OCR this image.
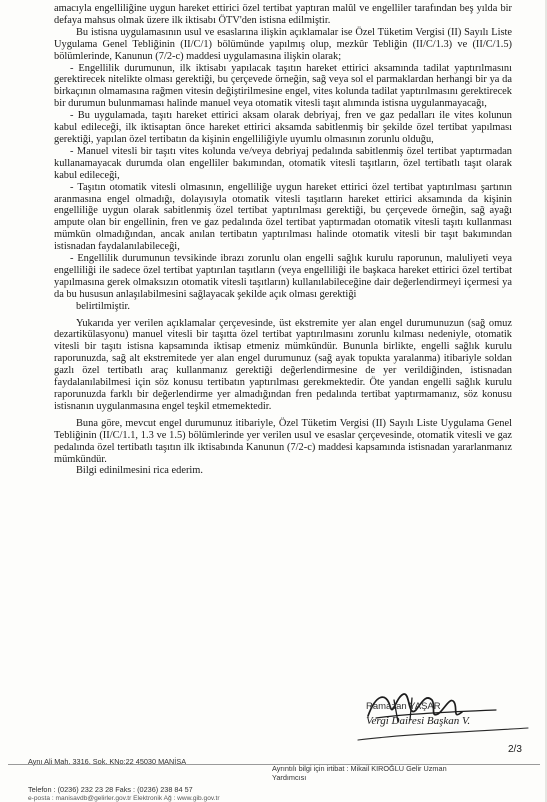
amacıyla engelliliğine uygun hareket ettirici özel tertibat yaptıran malûl ve engelliler tarafından beş yılda bir defaya mahsus olmak üzere ilk iktisabı ÖTV'den istisna edilmiştir.

Bu istisna uygulamasının usul ve esaslarına ilişkin açıklamalar ise Özel Tüketim Vergisi (II) Sayılı Liste Uygulama Genel Tebliğinin (II/C/1) bölümünde yapılmış olup, mezkûr Tebliğin (II/C/1.3) ve (II/C/1.5) bölümlerinde, Kanunun (7/2-c) maddesi uygulamasına ilişkin olarak;

- Engellilik durumunun, ilk iktisabı yapılacak taşıtın hareket ettirici aksamında tadilat yaptırılmasını gerektirecek nitelikte olması gerektiği, bu çerçevede örneğin, sağ veya sol el parmaklardan herhangi bir ya da birkaçının olmamasına rağmen vitesin değiştirilmesine engel, vites kolunda tadilat yaptırılmasını gerektirecek bir durumun bulunmaması halinde manuel veya otomatik vitesli taşıt alımında istisna uygulanmayacağı,

- Bu uygulamada, taşıtı hareket ettirici aksam olarak debriyaj, fren ve gaz pedalları ile vites kolunun kabul edileceği, ilk iktisaptan önce hareket ettirici aksamda sabitlenmiş bir şekilde özel tertibat yapılması gerektiği, yapılan özel tertibatın da kişinin engelliliğiyle uyumlu olmasının zorunlu olduğu,

- Manuel vitesli bir taşıtı vites kolunda ve/veya debriyaj pedalında sabitlenmiş özel tertibat yaptırmadan kullanamayacak durumda olan engelliler bakımından, otomatik vitesli taşıtların, özel tertibatlı taşıt olarak kabul edileceği,

- Taşıtın otomatik vitesli olmasının, engelliliğe uygun hareket ettirici özel tertibat yaptırılması şartının aranmasına engel olmadığı, dolayısıyla otomatik vitesli taşıtların hareket ettirici aksamında da kişinin engelliliğe uygun olarak sabitlenmiş özel tertibat yaptırılması gerektiği, bu çerçevede örneğin, sağ ayağı ampute olan bir engellinin, fren ve gaz pedalında özel tertibat yaptırmadan otomatik vitesli taşıtı kullanması mümkün olmadığından, ancak anılan tertibatın yaptırılması halinde otomatik vitesli bir taşıt bakımından istisnadan faydalanılabileceği,

- Engellilik durumunun tevsikinde ibrazı zorunlu olan engelli sağlık kurulu raporunun, maluliyeti veya engelliliği ile sadece özel tertibat yaptırılan taşıtların (veya engelliliği ile başkaca hareket ettirici özel tertibat yapılmasına gerek olmaksızın otomatik vitesli taşıtların) kullanılabileceğine dair değerlendirmeyi içermesi ya da bu hususun anlaşılabilmesini sağlayacak şekilde açık olması gerektiği

belirtilmiştir.

Yukarıda yer verilen açıklamalar çerçevesinde, üst ekstremite yer alan engel durumunuzun (sağ omuz dezartikülasyonu) manuel vitesli bir taşıtta özel tertibat yaptırılmasını zorunlu kılması nedeniyle, otomatik vitesli bir taşıtı istisna kapsamında iktisap etmeniz mümkündür. Bununla birlikte, engelli sağlık kurulu raporunuzda, sağ alt ekstremitede yer alan engel durumunuz (sağ ayak topukta yaralanma) itibariyle soldan gazlı özel tertibatlı araç kullanmanız gerektiği değerlendirmesine de yer verildiğinden, istisnadan faydalanılabilmesi için söz konusu tertibatın yaptırılması gerekmektedir. Öte yandan engelli sağlık kurulu raporunuzda farklı bir değerlendirme yer almadığından fren pedalında tertibat yaptırmamanız, söz konusu istisnanın uygulanmasına engel teşkil etmemektedir.

Buna göre, mevcut engel durumunuz itibariyle, Özel Tüketim Vergisi (II) Sayılı Liste Uygulama Genel Tebliğinin (II/C/1.1, 1.3 ve 1.5) bölümlerinde yer verilen usul ve esaslar çerçevesinde, otomatik vitesli ve gaz pedalında özel tertibatlı taşıtın ilk iktisabında Kanunun (7/2-c) maddesi kapsamında istisnadan yararlanmanız mümkündür.

Bilgi edinilmesini rica ederim.

Ramazan YAŞAR
Vergi Dairesi Başkan V.
2/3
Aynı Ali Mah. 3316. Sok. KNo:22 45030 MANİSA
Ayrıntılı bilgi için irtibat : Mikail KIROĞLU Gelir Uzman
Yardımcısı
Telefon : (0236) 232 23 28 Faks : (0236) 238 84 57
e-posta : manisavdb@gelirler.gov.tr Elektronik Ağ : www.gib.gov.tr
